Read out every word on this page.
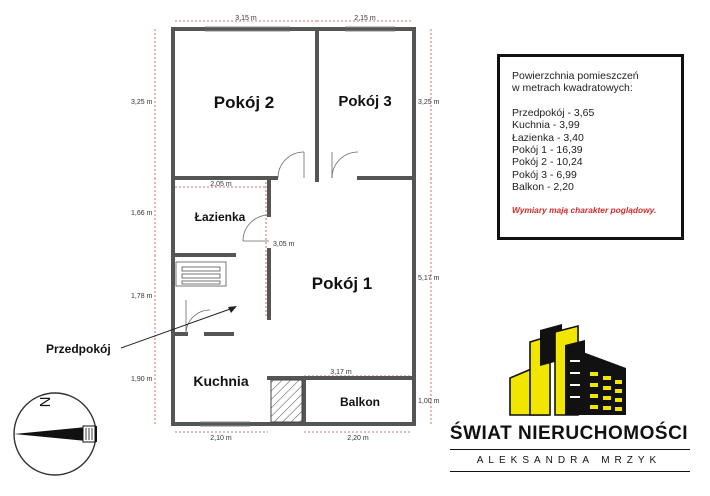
Pokój 2	Pokój 3
Łazienka
Pokój 1
Kuchnia
Balkon
Przedpokój
3,15 m	2,15 m
3,25 m	3,25 m
2,05 m
1,66 m
3,05 m
5,17 m
1,78 m
3,17 m
1,90 m
1,00 m
2,10 m	2,20 m
N
Powierzchnia pomieszczeń
w metrach kwadratowych:
Przedpokój - 3,65
Kuchnia - 3,99
Łazienka - 3,40
Pokój 1 - 16,39
Pokój 2 - 10,24
Pokój 3 - 6,99
Balkon - 2,20
Wymiary mają charakter poglądowy.
ŚWIAT NIERUCHOMOŚCI
ALEKSANDRA MRZYK
